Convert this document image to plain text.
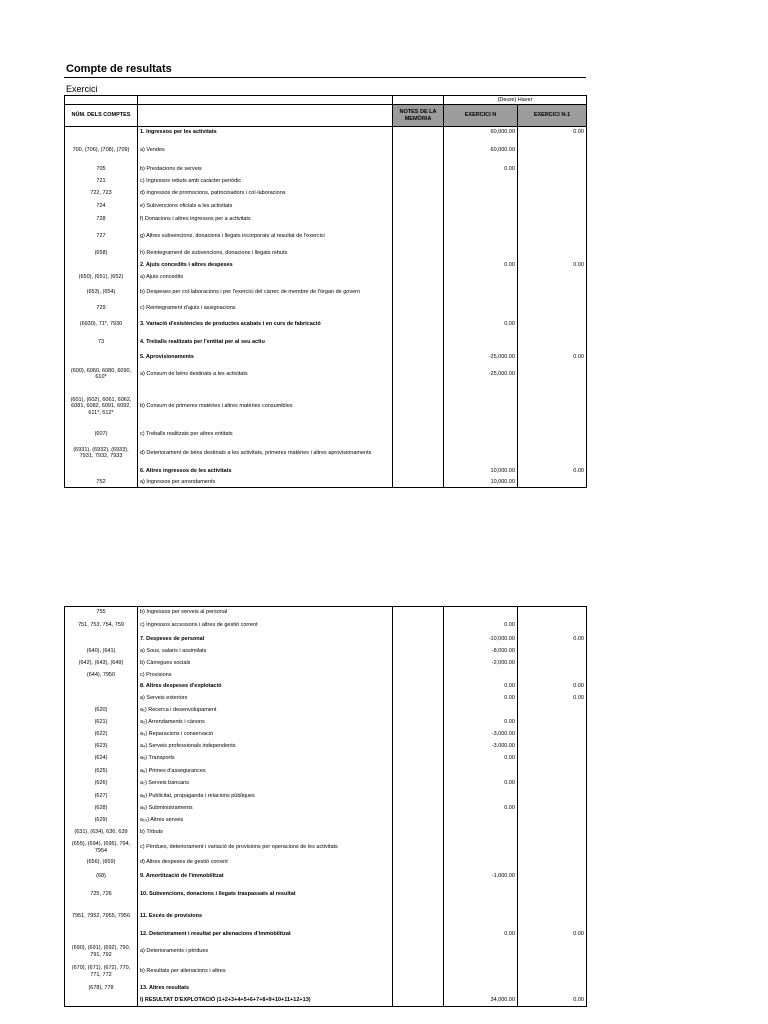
Compte de resultats
Exercici
			(Deure) Haver	
NÚM. DELS COMPTES		NOTES DE LA MEMÒRIA	EXERCICI N	EXERCICI N-1
	1. Ingressos per les activitats		60,000.00	0.00
700, (706), (708), (709)	a) Vendes		60,000.00	
705	b) Prestacions de serveis		0.00	
721	c) Ingressos rebuts amb caràcter periòdic			
722, 723	d) Ingressos de promocions, patrocinadors i col·laboracions			
724	e) Subvencions oficials a les activitats			
728	f) Donacions i altres ingressos per a activitats			
727	g) Altres subvencions, donacions i llegats incorporats al resultat de l'exercici			
(658)	h) Reintegrament de subvencions, donacions i llegats rebuts			
	2. Ajuts concedits i altres despeses		0.00	0.00
(650), (651), (652)	a) Ajuts concedits			
(653), (654)	b) Despeses per col·laboracions i per l'exercici del càrrec de membre de l'òrgan de govern			
729	c) Reintegrament d'ajuts i assignacions			
(6930), 71*, 7930	3. Variació d'existències de productes acabats i en curs de fabricació		0.00	
73	4. Treballs realitzats per l'entitat per al seu actiu			
	5. Aprovisionaments		-25,000.00	0.00
(600), 6060, 6080, 6090, 610*	a) Consum de béns destinats a les activitats		-25,000.00	
(601), (602), 6061, 6062, 6081, 6082, 6091, 6092, 611*, 612*	b) Consum de primeres matèries i altres matèries consumibles			
(607)	c) Treballs realitzats per altres entitats			
(6931), (6932), (6933), 7931, 7932, 7933	d) Deteriorament de béns destinats a les activitats, primeres matèries i altres aprovisionaments			
	6. Altres ingressos de les activitats		10,000.00	0.00
752	a) Ingressos per arrendaments		10,000.00	
755	b) Ingressos per serveis al personal			
751, 753, 754, 759	c) Ingressos accessoris i altres de gestió corrent		0.00	
	7. Despeses de personal		-10,000.00	0.00
(640), (641)	a) Sous, salaris i assimilats		-8,000.00	
(642), (643), (649)	b) Càrregues socials		-2,000.00	
(644), 7950	c) Provisions			
	8. Altres despeses d'explotació		0.00	0.00
	a) Serveis exteriors		0.00	0.00
(620)	a₁) Recerca i desenvolupament			
(621)	a₂) Arrendaments i cànons		0.00	
(622)	a₃) Reparacions i conservació		-3,000.00	
(623)	a₄) Serveis professionals independents		-3,000.00	
(624)	a₅) Transports		0.00	
(625)	a₆) Primes d'assegurances			
(626)	a₇) Serveis bancaris		0.00	
(627)	a₈) Publicitat, propaganda i relacions públiques			
(628)	a₉) Subministraments		0.00	
(629)	a₁₀) Altres serveis			
(631), (634), 636, 639	b) Tributs			
(655), (694), (695), 794, 7954	c) Pèrdues, deteriorament i variació de provisions per operacions de les activitats			
(656), (659)	d) Altres despeses de gestió corrent			
(68)	9. Amortització de l'immobilitzat		-1,000.00	
725, 726	10. Subvencions, donacions i llegats traspassats al resultat			
7951, 7952, 7955, 7956	11. Excés de provisions			
	12. Deteriorament i resultat per alienacions d'immobilitzat		0.00	0.00
(690), (691), (692), 790, 791, 792	a) Deterioraments i pèrdues			
(670), (671), (672), 770, 771, 772	b) Resultats per alienacions i altres			
(678), 778	13. Altres resultats			
	I) RESULTAT D'EXPLOTACIÓ (1+2+3+4+5+6+7+8+9+10+11+12+13)		34,000.00	0.00
